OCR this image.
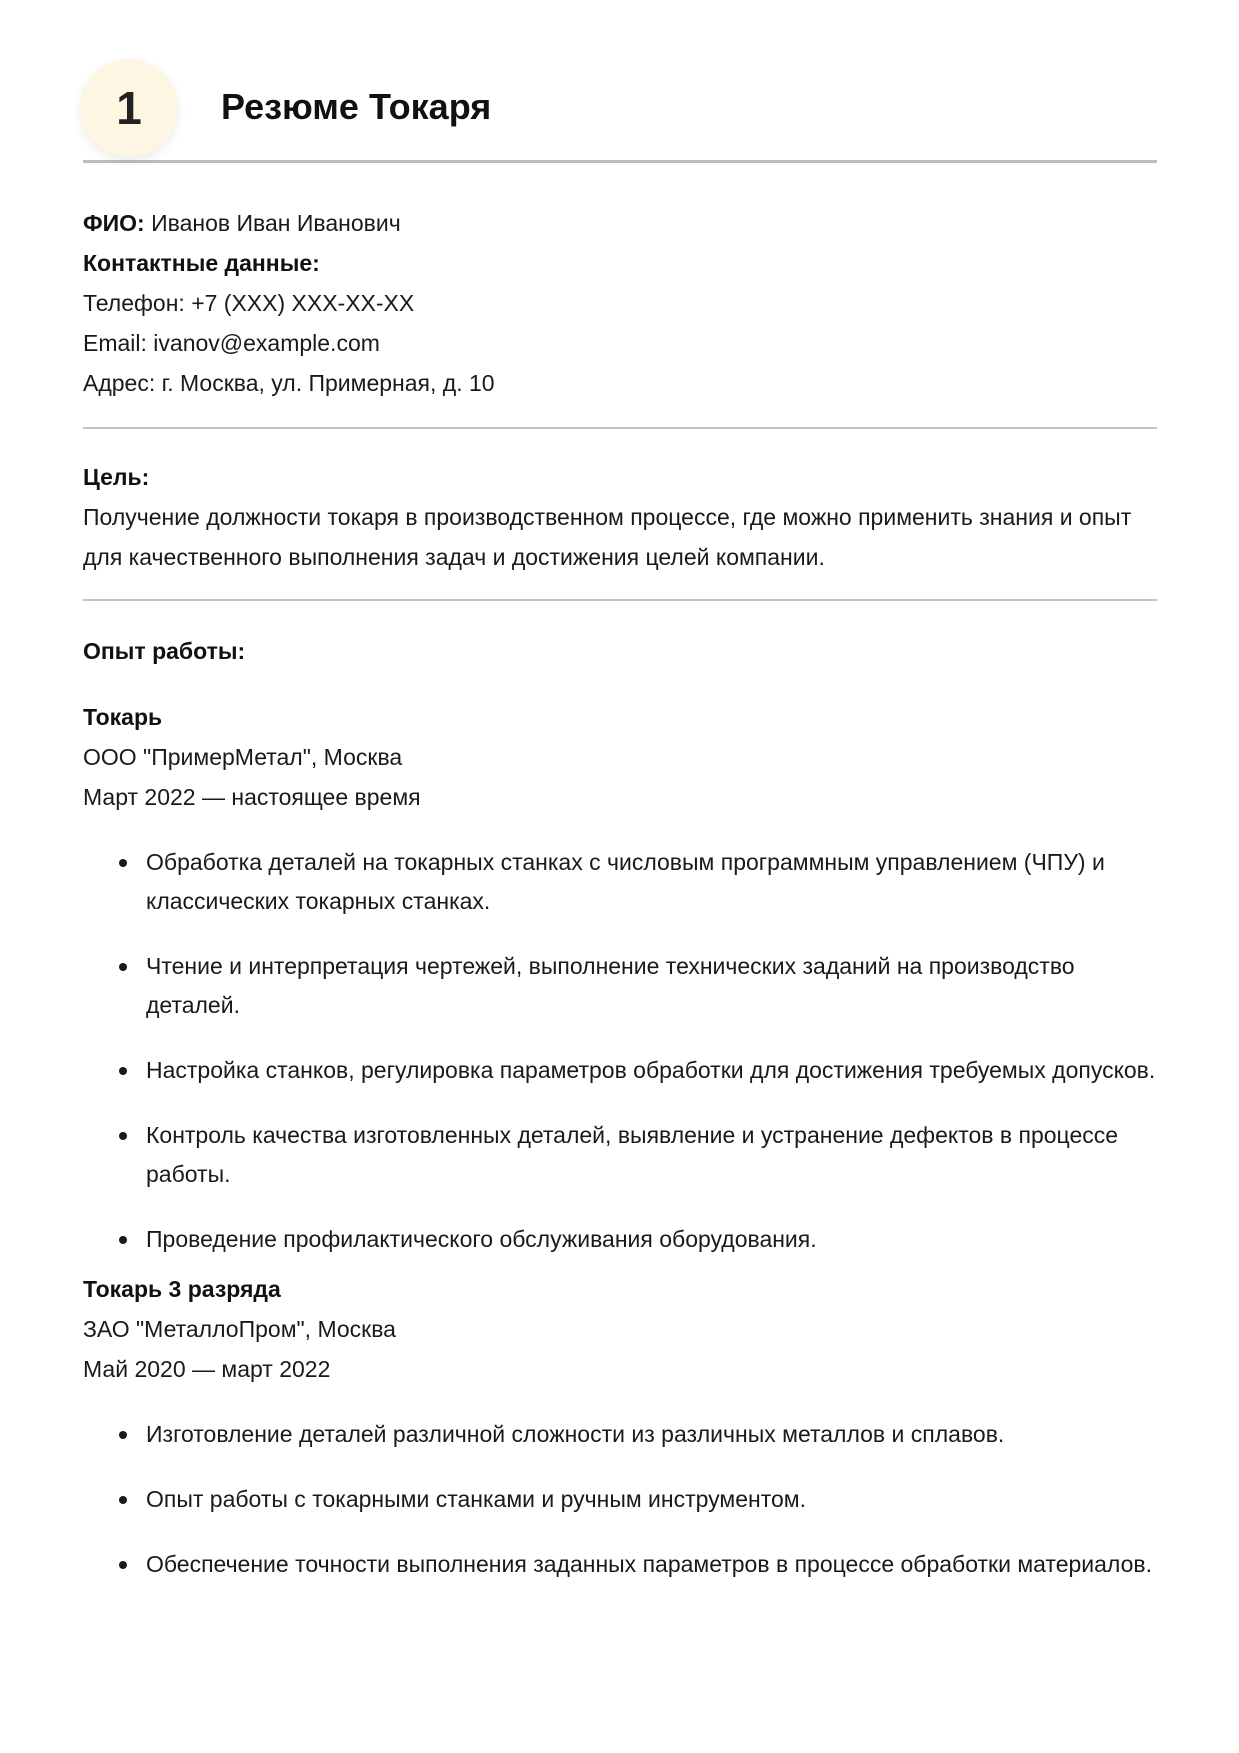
1	Резюме Токаря

ФИО: Иванов Иван Иванович

Контактные данные:

Телефон: +7 (XXX) XXX-XX-XX

Email: ivanov@example.com

Адрес: г. Москва, ул. Примерная, д. 10

Цель:

Получение должности токаря в производственном процессе, где можно применить знания и опыт для качественного выполнения задач и достижения целей компании.

Опыт работы:

Токарь

ООО "ПримерМетал", Москва

Март 2022 — настоящее время

Обработка деталей на токарных станках с числовым программным управлением (ЧПУ) и классических токарных станках.
Чтение и интерпретация чертежей, выполнение технических заданий на производство деталей.
Настройка станков, регулировка параметров обработки для достижения требуемых допусков.
Контроль качества изготовленных деталей, выявление и устранение дефектов в процессе работы.
Проведение профилактического обслуживания оборудования.

Токарь 3 разряда

ЗАО "МеталлоПром", Москва

Май 2020 — март 2022

Изготовление деталей различной сложности из различных металлов и сплавов.
Опыт работы с токарными станками и ручным инструментом.
Обеспечение точности выполнения заданных параметров в процессе обработки материалов.
